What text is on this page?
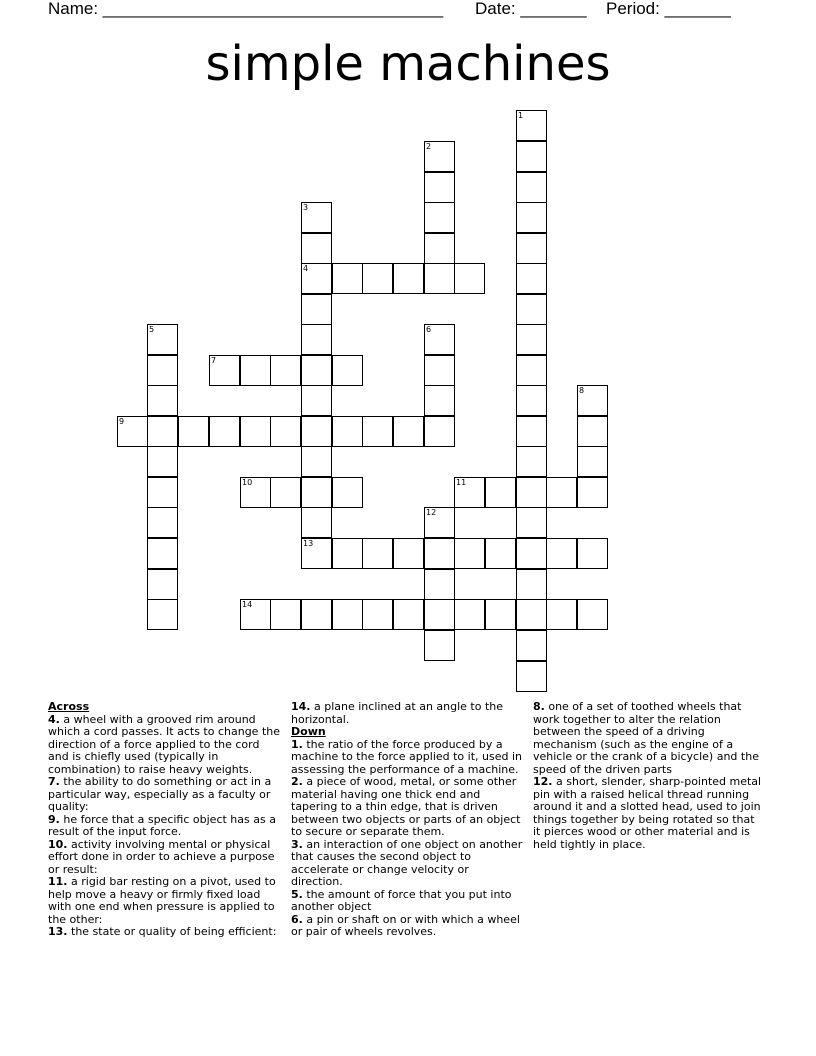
Name: ____________________________________ Date: _______ Period: _______
simple machines
1
2
3
4
5	6
7
8
9
10	11
12
13
14
Across
4. a wheel with a grooved rim around which a cord passes. It acts to change the direction of a force applied to the cord and is chiefly used (typically in combination) to raise heavy weights.
7. the ability to do something or act in a particular way, especially as a faculty or quality:
9. he force that a specific object has as a result of the input force.
10. activity involving mental or physical effort done in order to achieve a purpose or result:
11. a rigid bar resting on a pivot, used to help move a heavy or firmly fixed load with one end when pressure is applied to the other:
13. the state or quality of being efficient:
14. a plane inclined at an angle to the horizontal.
Down
1. the ratio of the force produced by a machine to the force applied to it, used in assessing the performance of a machine.
2. a piece of wood, metal, or some other material having one thick end and tapering to a thin edge, that is driven between two objects or parts of an object to secure or separate them.
3. an interaction of one object on another that causes the second object to accelerate or change velocity or direction.
5. the amount of force that you put into another object
6. a pin or shaft on or with which a wheel or pair of wheels revolves.
8. one of a set of toothed wheels that work together to alter the relation between the speed of a driving mechanism (such as the engine of a vehicle or the crank of a bicycle) and the speed of the driven parts
12. a short, slender, sharp-pointed metal pin with a raised helical thread running around it and a slotted head, used to join things together by being rotated so that it pierces wood or other material and is held tightly in place.
